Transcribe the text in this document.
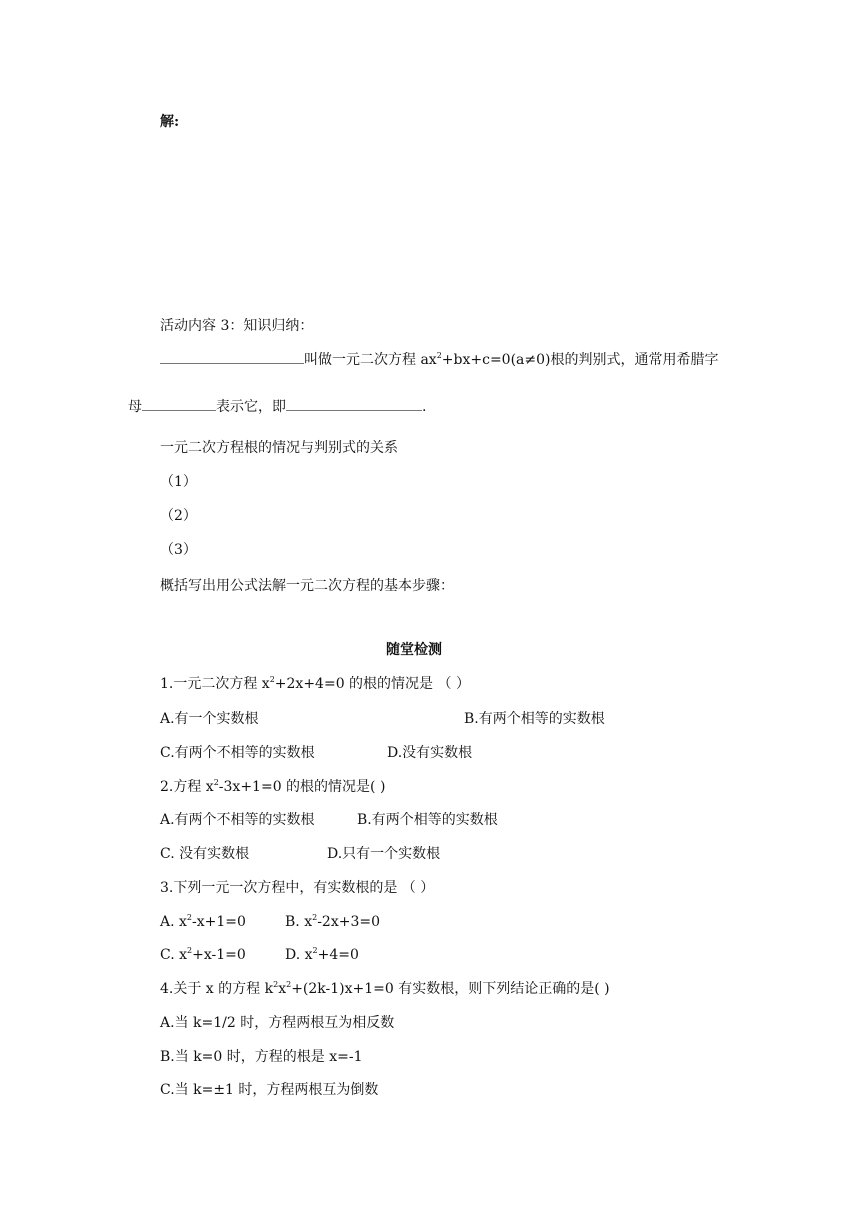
解:
活动内容 3：知识归纳：
叫做一元二次方程 $ax^2+bx+c=0(a\ne 0)$根的判别式，通常用希腊字
母	表示它，即	.
一元二次方程根的情况与判别式的关系
（1）
（2）
（3）
概括写出用公式法解一元二次方程的基本步骤：
随堂检测
1.一元二次方程 $x^2+2x+4=0$ 的根的情况是 （ ）
A.有一个实数根	B.有两个相等的实数根
C.有两个不相等的实数根	D.没有实数根
2.方程 $x^2-3x+1=0$ 的根的情况是( )
A.有两个不相等的实数根	B.有两个相等的实数根
C. 没有实数根	D.只有一个实数根
3.下列一元一次方程中，有实数根的是 （ ）
A. $x^2-x+1=0$	B. $x^2-2x+3=0$
C. $x^2+x-1=0$	D. $x^2+4=0$
4.关于 x 的方程 $k^2x^2+(2k-1)x+1=0$ 有实数根，则下列结论正确的是( )
A.当 k=1/2 时，方程两根互为相反数
B.当 k=0 时，方程的根是 x=-1
C.当 k=±1 时，方程两根互为倒数
